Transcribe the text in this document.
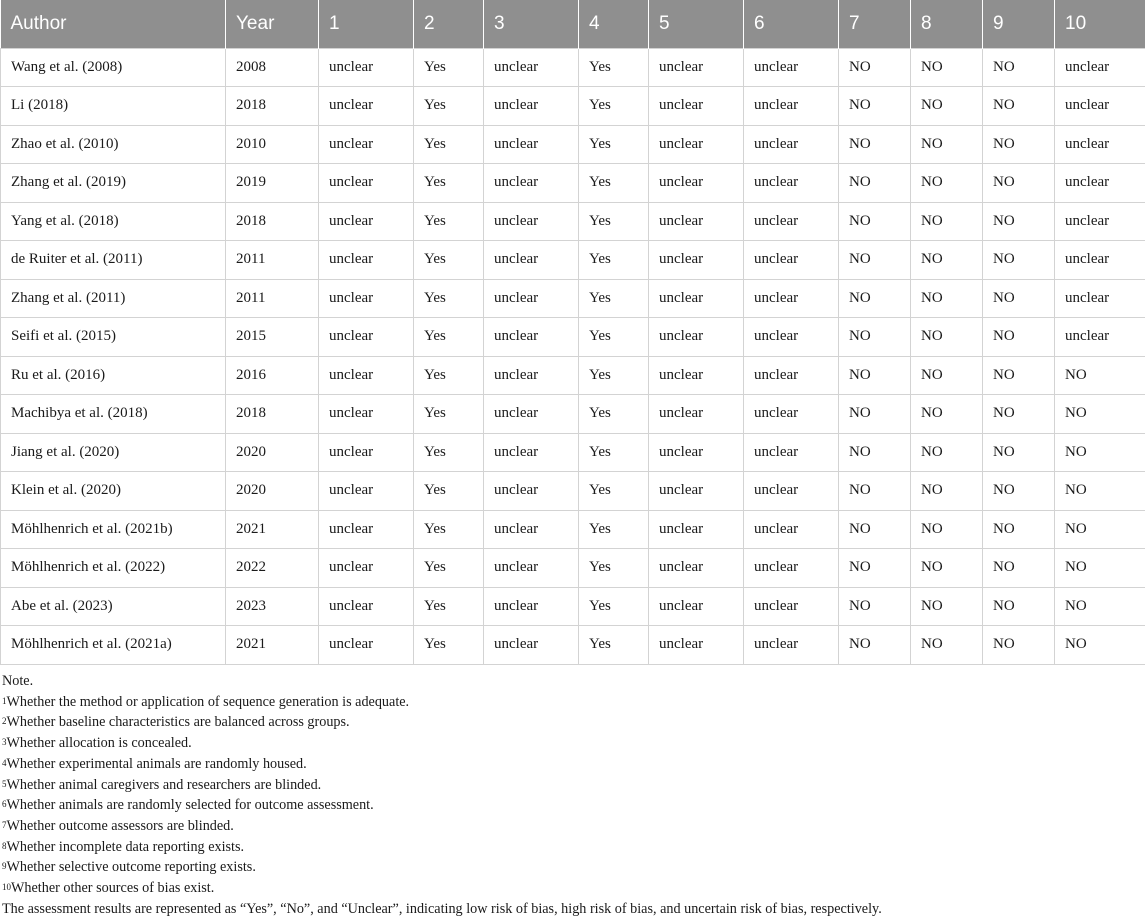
Author	Year	1	2	3	4	5	6	7	8	9	10
Wang et al. (2008)	2008	unclear	Yes	unclear	Yes	unclear	unclear	NO	NO	NO	unclear
Li (2018)	2018	unclear	Yes	unclear	Yes	unclear	unclear	NO	NO	NO	unclear
Zhao et al. (2010)	2010	unclear	Yes	unclear	Yes	unclear	unclear	NO	NO	NO	unclear
Zhang et al. (2019)	2019	unclear	Yes	unclear	Yes	unclear	unclear	NO	NO	NO	unclear
Yang et al. (2018)	2018	unclear	Yes	unclear	Yes	unclear	unclear	NO	NO	NO	unclear
de Ruiter et al. (2011)	2011	unclear	Yes	unclear	Yes	unclear	unclear	NO	NO	NO	unclear
Zhang et al. (2011)	2011	unclear	Yes	unclear	Yes	unclear	unclear	NO	NO	NO	unclear
Seifi et al. (2015)	2015	unclear	Yes	unclear	Yes	unclear	unclear	NO	NO	NO	unclear
Ru et al. (2016)	2016	unclear	Yes	unclear	Yes	unclear	unclear	NO	NO	NO	NO
Machibya et al. (2018)	2018	unclear	Yes	unclear	Yes	unclear	unclear	NO	NO	NO	NO
Jiang et al. (2020)	2020	unclear	Yes	unclear	Yes	unclear	unclear	NO	NO	NO	NO
Klein et al. (2020)	2020	unclear	Yes	unclear	Yes	unclear	unclear	NO	NO	NO	NO
Möhlhenrich et al. (2021b)	2021	unclear	Yes	unclear	Yes	unclear	unclear	NO	NO	NO	NO
Möhlhenrich et al. (2022)	2022	unclear	Yes	unclear	Yes	unclear	unclear	NO	NO	NO	NO
Abe et al. (2023)	2023	unclear	Yes	unclear	Yes	unclear	unclear	NO	NO	NO	NO
Möhlhenrich et al. (2021a)	2021	unclear	Yes	unclear	Yes	unclear	unclear	NO	NO	NO	NO
Note.
$^1$Whether the method or application of sequence generation is adequate.
$^2$Whether baseline characteristics are balanced across groups.
$^3$Whether allocation is concealed.
$^4$Whether experimental animals are randomly housed.
$^5$Whether animal caregivers and researchers are blinded.
$^6$Whether animals are randomly selected for outcome assessment.
$^7$Whether outcome assessors are blinded.
$^8$Whether incomplete data reporting exists.
$^9$Whether selective outcome reporting exists.
$^{10}$Whether other sources of bias exist.
The assessment results are represented as “Yes”, “No”, and “Unclear”, indicating low risk of bias, high risk of bias, and uncertain risk of bias, respectively.
